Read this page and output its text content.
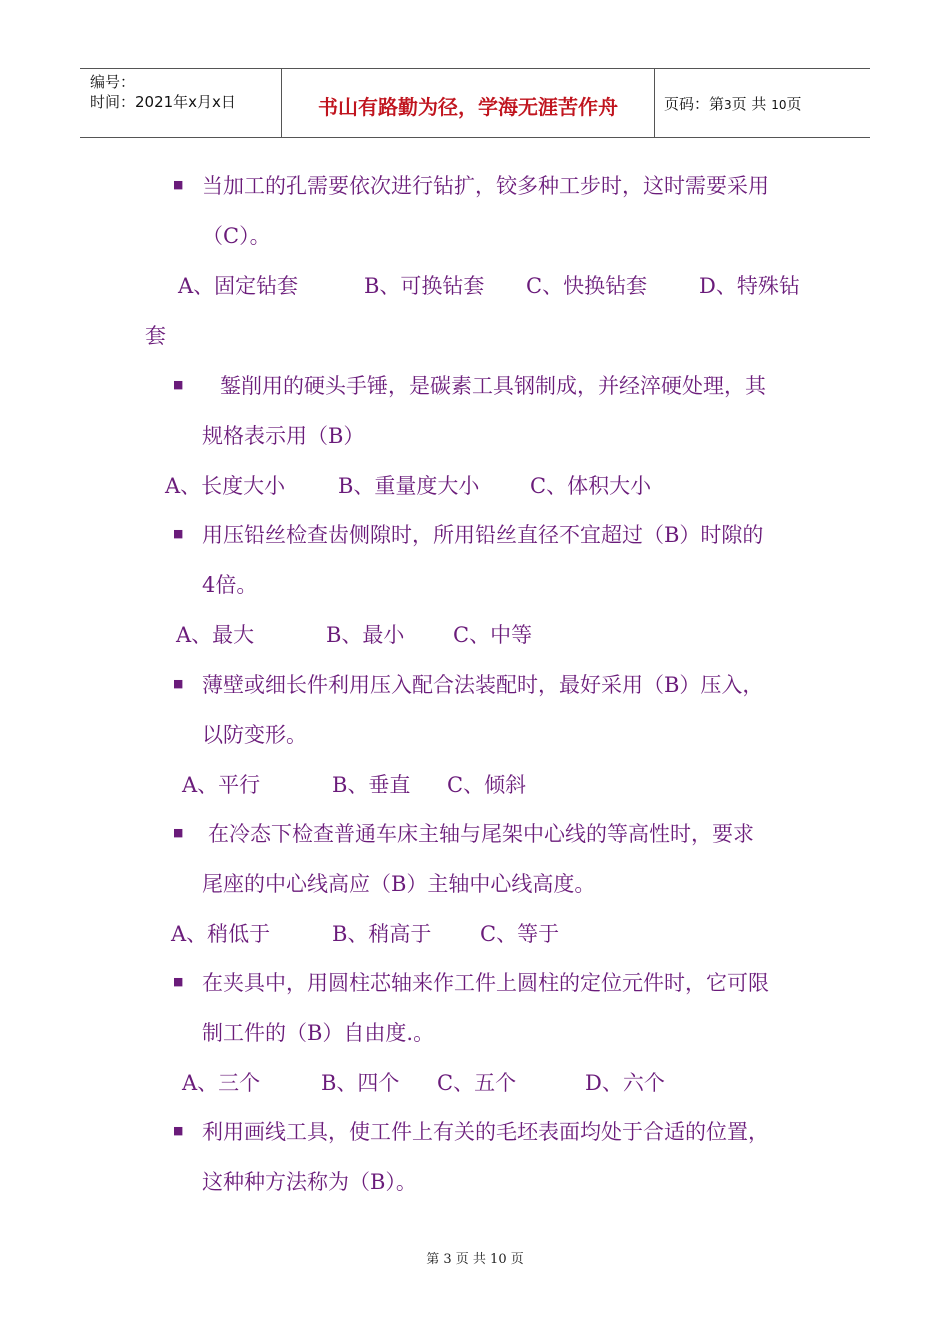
编号：
时间：2021年x月x日	书山有路勤为径，学海无涯苦作舟	页码：第3页 共 10页
■ 当加工的孔需要依次进行钻扩，铰多种工步时，这时需要采用
（C）。
A、固定钻套	B、可换钻套 C、快换钻套 D、特殊钻
套
■ 錾削用的硬头手锤，是碳素工具钢制成，并经淬硬处理，其
规格表示用（B）
A、长度大小	B、重量度大小 C、体积大小
■ 用压铅丝检查齿侧隙时，所用铅丝直径不宜超过（B）时隙的
4倍。
A、最大	B、最小 C、中等
■ 薄壁或细长件利用压入配合法装配时，最好采用（B）压入，
以防变形。
A、平行	B、垂直 C、倾斜
■ 在冷态下检查普通车床主轴与尾架中心线的等高性时，要求
尾座的中心线高应（B）主轴中心线高度。
A、稍低于	B、稍高于 C、等于
■ 在夹具中，用圆柱芯轴来作工件上圆柱的定位元件时，它可限
制工件的（B）自由度.。
A、三个	B、四个 C、五个	D、六个
■ 利用画线工具，使工件上有关的毛坯表面均处于合适的位置，
这种种方法称为（B）。
第 3 页 共 10 页
